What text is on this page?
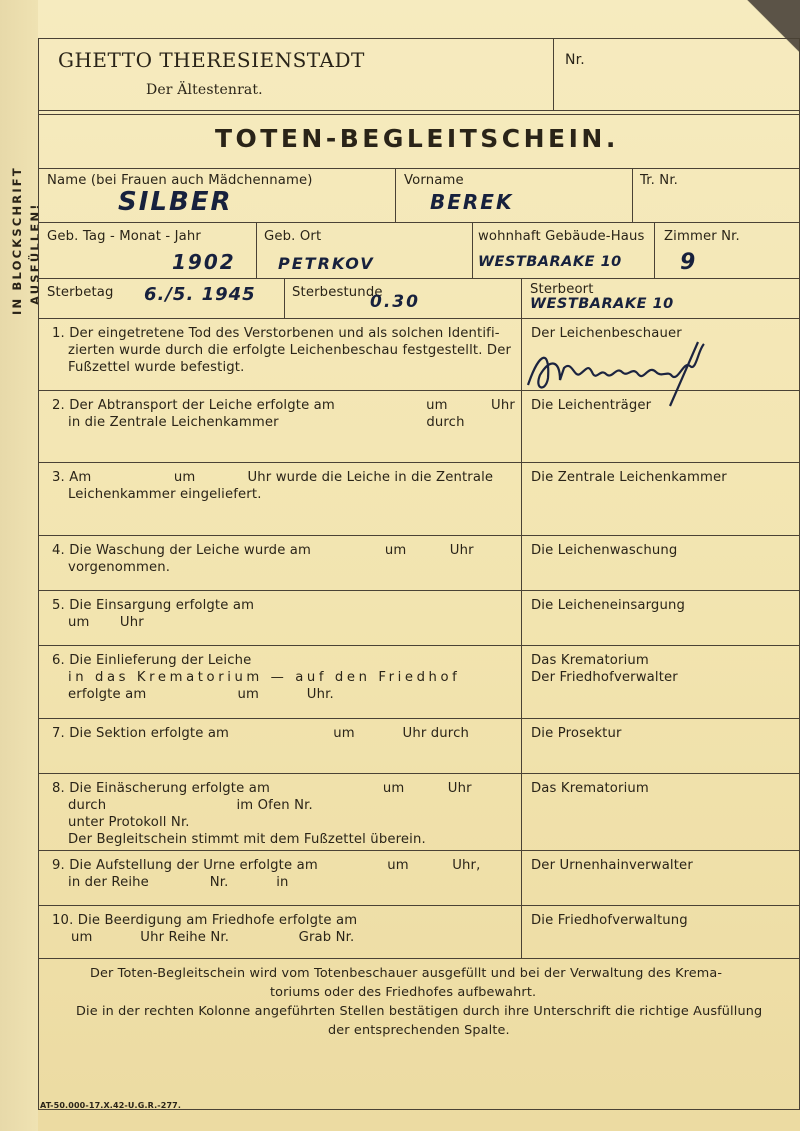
IN BLOCKSCHRIFT AUSFÜLLEN!
GHETTO THERESIENSTADT
Der Ältestenrat.
Nr.
TOTEN-BEGLEITSCHEIN.
Name (bei Frauen auch Mädchenname)
SILBER
Vorname
BEREK
Tr. Nr.
Geb. Tag - Monat - Jahr
1902
Geb. Ort
PETRKOV
wohnhaft Gebäude-Haus
WESTBARAKE 10
Zimmer Nr.
9
Sterbetag 6./5. 1945	Sterbestunde
0.30
Sterbeort
WESTBARAKE 10
1. Der eingetretene Tod des Verstorbenen und als solchen Identifi-
zierten wurde durch die erfolgte Leichenbeschau festgestellt. Der
Fußzettel wurde befestigt.
Der Leichenbeschauer
2. Der Abtransport der Leiche erfolgte am                     um          Uhr
in die Zentrale Leichenkammer                                  durch
Die Leichenträger
3. Am                   um            Uhr wurde die Leiche in die Zentrale
Leichenkammer eingeliefert.
Die Zentrale Leichenkammer
4. Die Waschung der Leiche wurde am                 um          Uhr
vorgenommen.
Die Leichenwaschung
5. Die Einsargung erfolgte am
um       Uhr
Die Leicheneinsargung
6. Die Einlieferung der Leiche
in das Krematorium — auf den Friedhof
erfolgte am                     um           Uhr.
Das Krematorium
Der Friedhofverwalter
7. Die Sektion erfolgte am                        um           Uhr durch	Die Prosektur
8. Die Einäscherung erfolgte am                          um          Uhr
durch                              im Ofen Nr.
unter Protokoll Nr.
Der Begleitschein stimmt mit dem Fußzettel überein.
Das Krematorium
9. Die Aufstellung der Urne erfolgte am                um          Uhr,
in der Reihe              Nr.           in
Der Urnenhainverwalter
10. Die Beerdigung am Friedhofe erfolgte am
um           Uhr Reihe Nr.                Grab Nr.
Die Friedhofverwaltung
Der Toten-Begleitschein wird vom Totenbeschauer ausgefüllt und bei der Verwaltung des Krema-
toriums oder des Friedhofes aufbewahrt.
Die in der rechten Kolonne angeführten Stellen bestätigen durch ihre Unterschrift die richtige Ausfüllung
der entsprechenden Spalte.
AT-50.000-17.X.42-U.G.R.-277.
